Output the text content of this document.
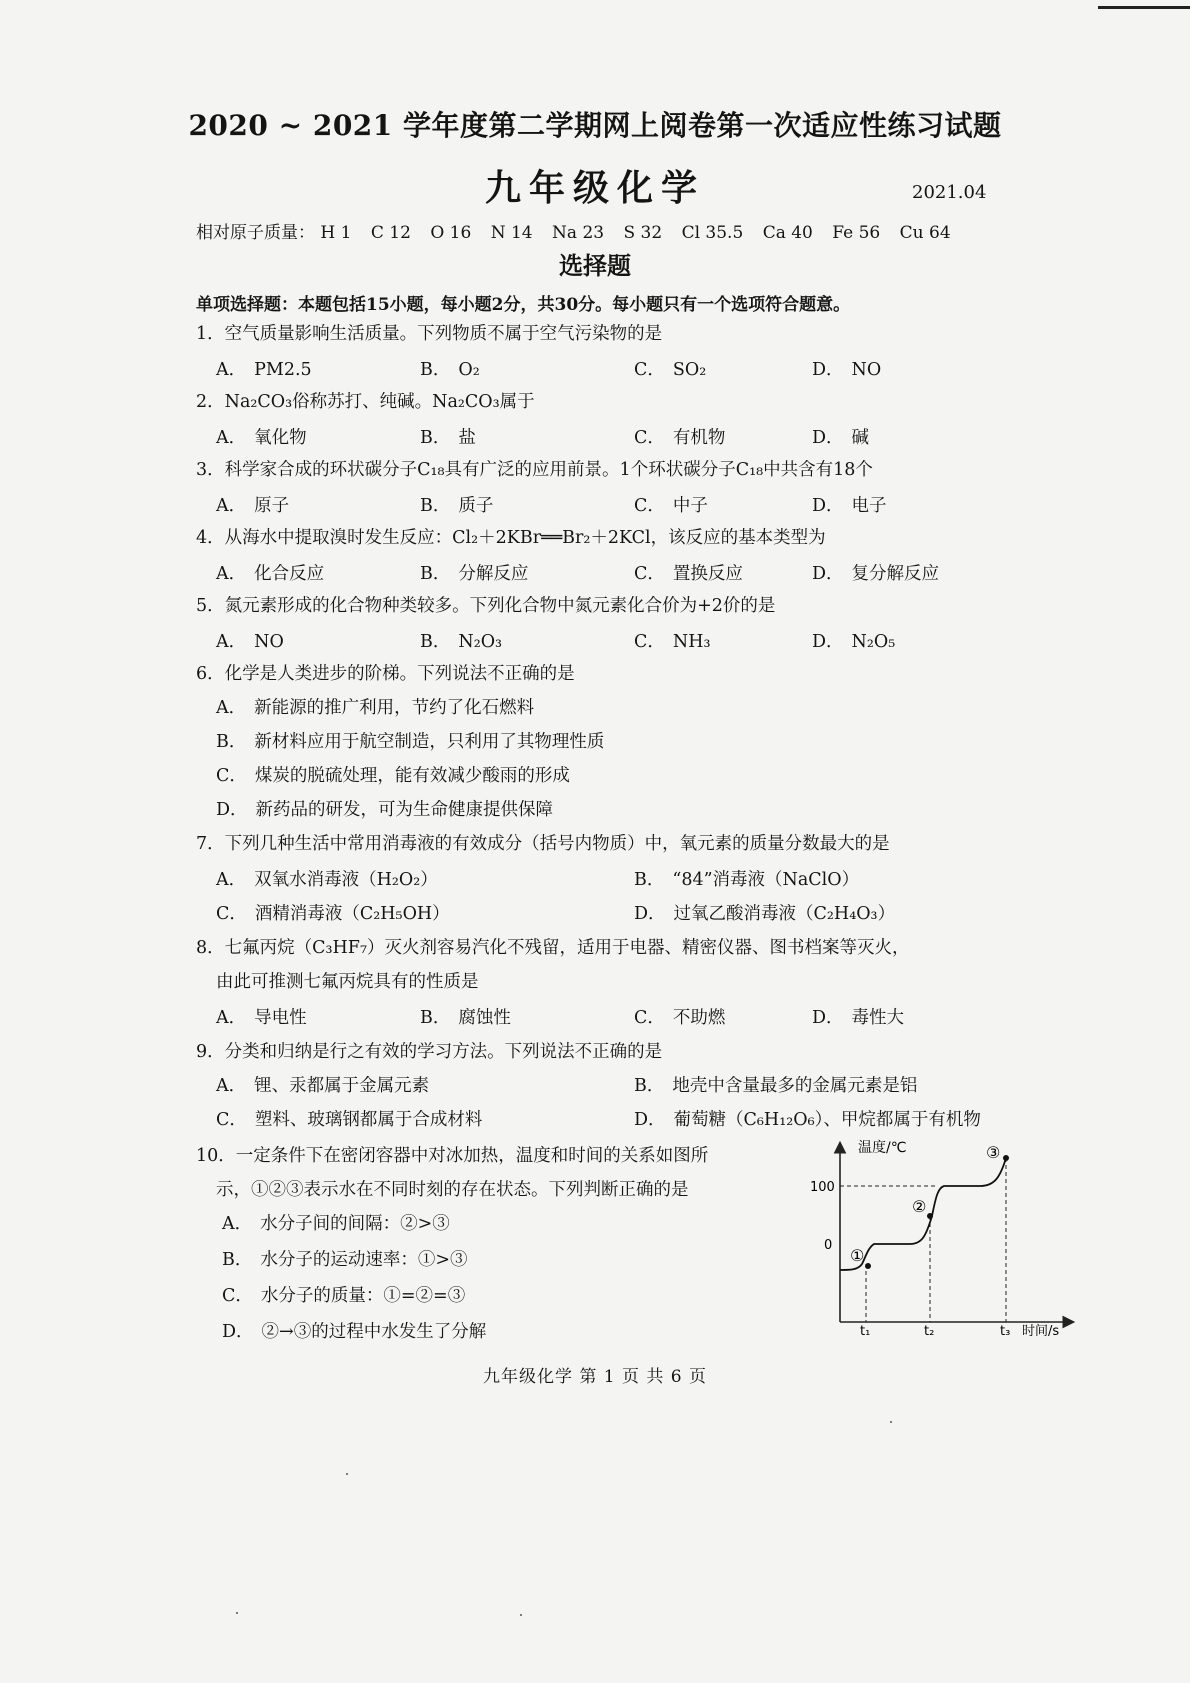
2020 ~ 2021 学年度第二学期网上阅卷第一次适应性练习试题
九年级化学	2021.04
相对原子质量： H 1 C 12 O 16 N 14 Na 23 S 32 Cl 35.5 Ca 40 Fe 56 Cu 64
选择题
单项选择题：本题包括15小题，每小题2分，共30分。每小题只有一个选项符合题意。
1．空气质量影响生活质量。下列物质不属于空气污染物的是
A． PM2.5	B． O₂	C． SO₂	D． NO
2．Na₂CO₃俗称苏打、纯碱。Na₂CO₃属于
A． 氧化物	B． 盐	C． 有机物	D． 碱
3．科学家合成的环状碳分子C₁₈具有广泛的应用前景。1个环状碳分子C₁₈中共含有18个
A． 原子	B． 质子	C． 中子	D． 电子
4．从海水中提取溴时发生反应：Cl₂＋2KBr══Br₂＋2KCl，该反应的基本类型为
A． 化合反应	B． 分解反应	C． 置换反应	D． 复分解反应
5．氮元素形成的化合物种类较多。下列化合物中氮元素化合价为+2价的是
A． NO	B． N₂O₃	C． NH₃	D． N₂O₅
6．化学是人类进步的阶梯。下列说法不正确的是
A． 新能源的推广利用，节约了化石燃料
B． 新材料应用于航空制造，只利用了其物理性质
C． 煤炭的脱硫处理，能有效减少酸雨的形成
D． 新药品的研发，可为生命健康提供保障
7．下列几种生活中常用消毒液的有效成分（括号内物质）中，氧元素的质量分数最大的是
A． 双氧水消毒液（H₂O₂）	B． “84”消毒液（NaClO）
C． 酒精消毒液（C₂H₅OH）	D． 过氧乙酸消毒液（C₂H₄O₃）
8．七氟丙烷（C₃HF₇）灭火剂容易汽化不残留，适用于电器、精密仪器、图书档案等灭火，
由此可推测七氟丙烷具有的性质是
A． 导电性	B． 腐蚀性	C． 不助燃	D． 毒性大
9．分类和归纳是行之有效的学习方法。下列说法不正确的是
A． 锂、汞都属于金属元素	B． 地壳中含量最多的金属元素是铝
C． 塑料、玻璃钢都属于合成材料	D． 葡萄糖（C₆H₁₂O₆）、甲烷都属于有机物
10．一定条件下在密闭容器中对冰加热，温度和时间的关系如图所
示，①②③表示水在不同时刻的存在状态。下列判断正确的是
A． 水分子间的间隔：②>③
B． 水分子的运动速率：①>③
C． 水分子的质量：①=②=③
D． ②→③的过程中水发生了分解
温度/℃
时间/s
100
0
t₁	t₂	t₃
①
②
③
九年级化学 第 1 页 共 6 页
